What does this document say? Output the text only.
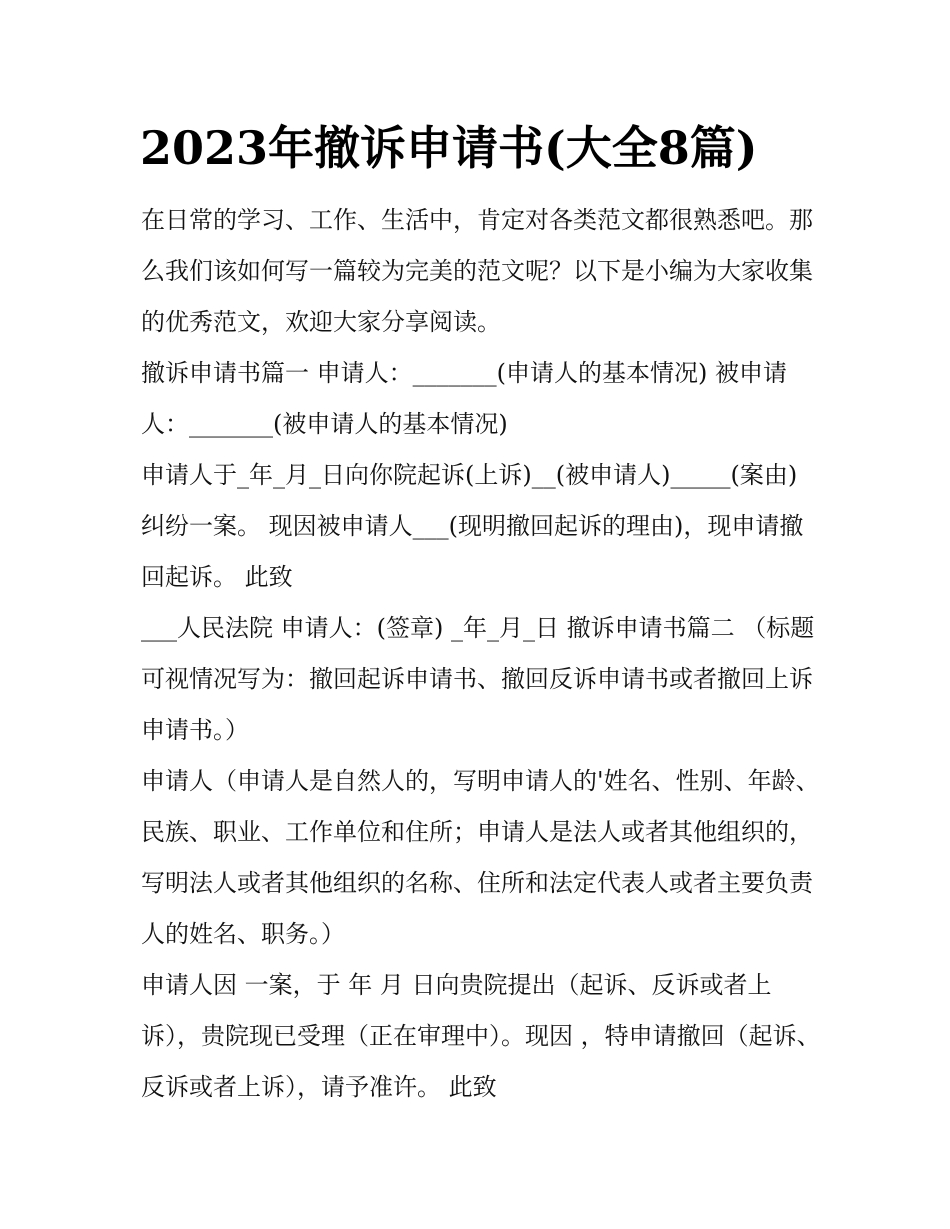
2023年撤诉申请书(大全8篇)

在日常的学习、工作、生活中，肯定对各类范文都很熟悉吧。那么我们该如何写一篇较为完美的范文呢？以下是小编为大家收集的优秀范文，欢迎大家分享阅读。

撤诉申请书篇一 申请人：_______(申请人的基本情况) 被申请人：_______(被申请人的基本情况)

申请人于_年_月_日向你院起诉(上诉)__(被申请人)_____(案由)纠纷一案。 现因被申请人___(现明撤回起诉的理由)，现申请撤回起诉。 此致

___人民法院 申请人：(签章) _年_月_日 撤诉申请书篇二 （标题可视情况写为：撤回起诉申请书、撤回反诉申请书或者撤回上诉申请书。）

申请人（申请人是自然人的，写明申请人的'姓名、性别、年龄、民族、职业、工作单位和住所；申请人是法人或者其他组织的，写明法人或者其他组织的名称、住所和法定代表人或者主要负责人的姓名、职务。）

申请人因 一案，于 年 月 日向贵院提出（起诉、反诉或者上诉），贵院现已受理（正在审理中）。现因 ，特申请撤回（起诉、反诉或者上诉），请予准许。 此致
